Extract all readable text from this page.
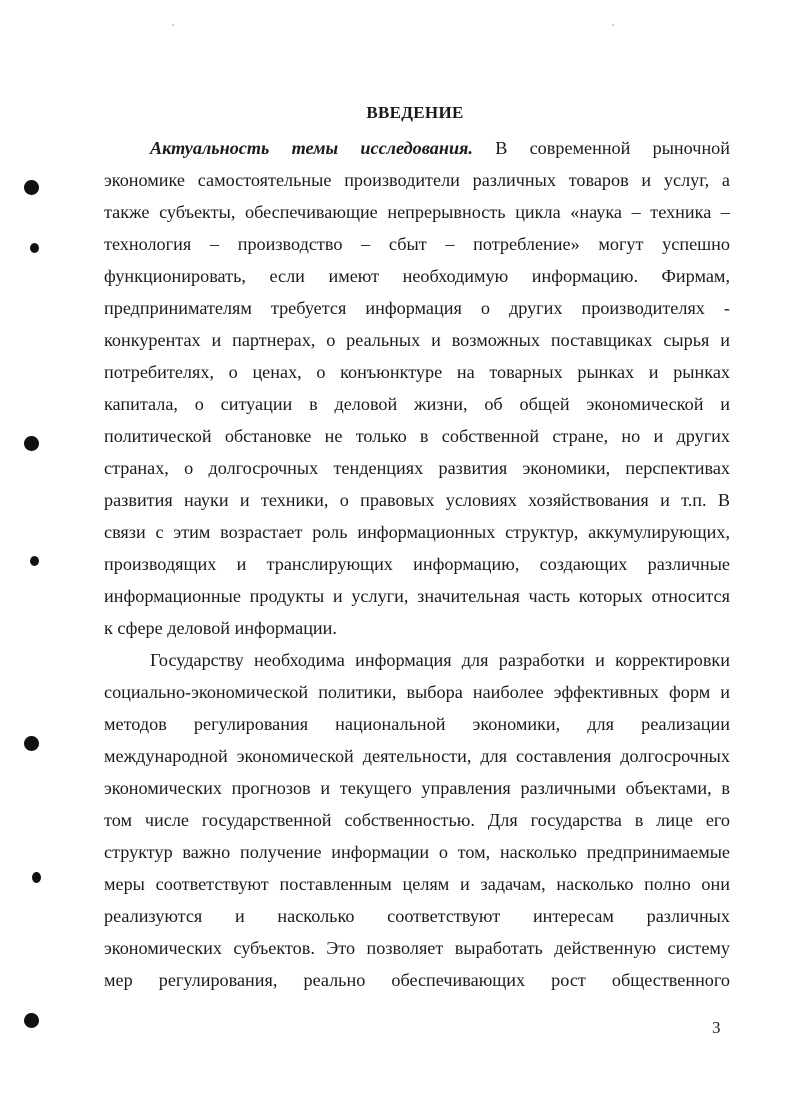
ВВЕДЕНИЕ
Актуальность темы исследования. В современной рыночной
экономике самостоятельные производители различных товаров и услуг, а
также субъекты, обеспечивающие непрерывность цикла «наука – техника –
технология – производство – сбыт – потребление» могут успешно
функционировать, если имеют необходимую информацию. Фирмам,
предпринимателям требуется информация о других производителях -
конкурентах и партнерах, о реальных и возможных поставщиках сырья и
потребителях, о ценах, о конъюнктуре на товарных рынках и рынках
капитала, о ситуации в деловой жизни, об общей экономической и
политической обстановке не только в собственной стране, но и других
странах, о долгосрочных тенденциях развития экономики, перспективах
развития науки и техники, о правовых условиях хозяйствования и т.п. В
связи с этим возрастает роль информационных структур, аккумулирующих,
производящих и транслирующих информацию, создающих различные
информационные продукты и услуги, значительная часть которых относится
к сфере деловой информации.
Государству необходима информация для разработки и корректировки
социально-экономической политики, выбора наиболее эффективных форм и
методов регулирования национальной экономики, для реализации
международной экономической деятельности, для составления долгосрочных
экономических прогнозов и текущего управления различными объектами, в
том числе государственной собственностью. Для государства в лице его
структур важно получение информации о том, насколько предпринимаемые
меры соответствуют поставленным целям и задачам, насколько полно они
реализуются и насколько соответствуют интересам различных
экономических субъектов. Это позволяет выработать действенную систему
мер регулирования, реально обеспечивающих рост общественного
3
